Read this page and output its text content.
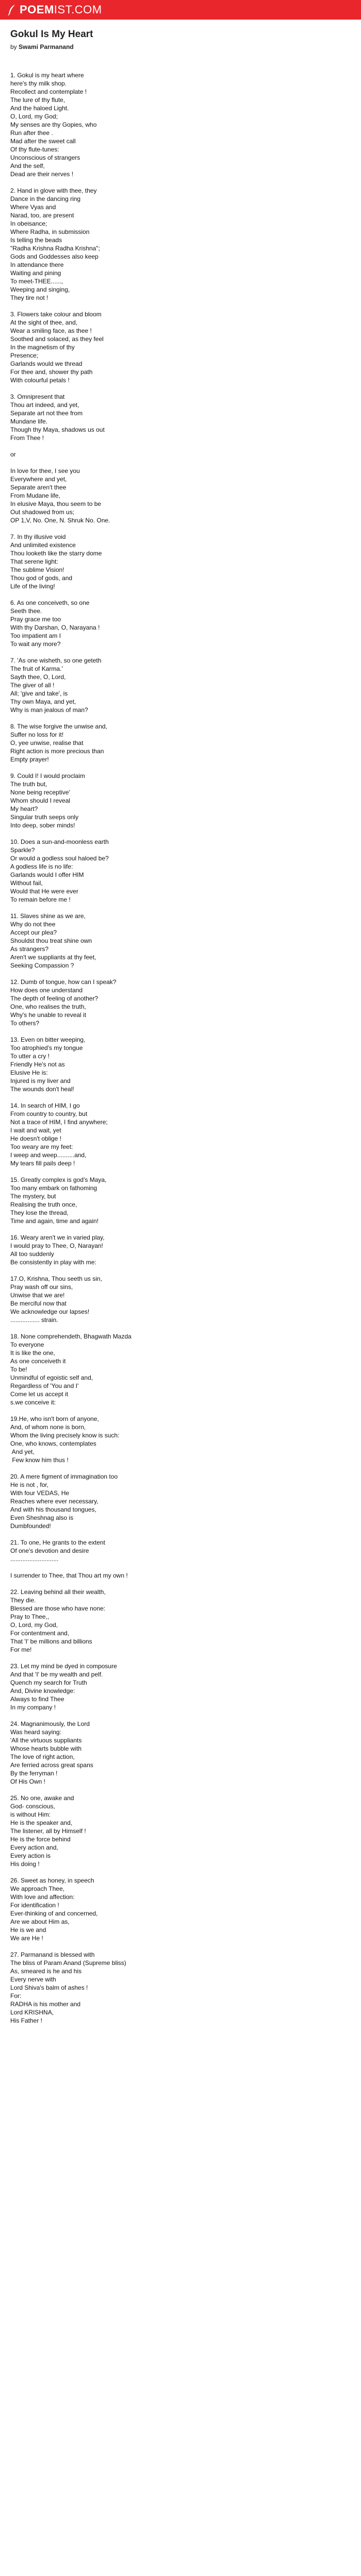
POEMIST.COM
Gokul Is My Heart
by Swami Parmanand
1. Gokul is my heart where
here's thy milk shop.
Recollect and contemplate !
The lure of thy flute,
And the haloed Light.
O, Lord, my God;
My senses are thy Gopies, who
Run after thee .
Mad after the sweet call
Of thy flute-tunes:
Unconscious of strangers
And the self,
Dead are their nerves !
2. Hand in glove with thee, they
Dance in the dancing ring
Where Vyas and
Narad, too, are present
In obeisance;
Where Radha, in submission
Is telling the beads
"Radha Krishna Radha Krishna";
Gods and Goddesses also keep
In attendance there
Waiting and pining
To meet-THEE......,
Weeping and singing,
They tire not !
3. Flowers take colour and bloom
At the sight of thee, and,
Wear a smiling face, as thee !
Soothed and solaced, as they feel
In the magnetism of thy
Presence;
Garlands would we thread
For thee and, shower thy path
With colourful petals !
3. Omnipresent that
Thou art indeed, and yet,
Separate art not thee from
Mundane life.
Though thy Maya, shadows us out
From Thee !
or
In love for thee, I see you
Everywhere and yet,
Separate aren't thee
From Mudane life,
In elusive Maya, thou seem to be
Out shadowed from us;
OP 1,V, No. One, N. Shruk No. One.
7. In thy illusive void
And unlimited existence
Thou looketh like the starry dome
That serene light:
The sublime Vision!
Thou god of gods, and
Life of the living!
6. As one conceiveth, so one
Seeth thee.
Pray grace me too
With thy Darshan, O, Narayana !
Too impatient am I
To wait any more?
7. 'As one wisheth, so one geteth
The fruit of Karma.'
Sayth thee, O, Lord,
The giver of all !
All; 'give and take', is
Thy own Maya, and yet,
Why is man jealous of man?
8. The wise forgive the unwise and,
Suffer no loss for it!
O, yee unwise, realise that
Right action is more precious than
Empty prayer!
9. Could I! I would proclaim
The truth but,
None being receptive'
Whom should I reveal
My heart?
Singular truth seeps only
Into deep, sober minds!
10. Does a sun-and-moonless earth
Sparkle?
Or would a godless soul haloed be?
A godless life is no life:
Garlands would I offer HIM
Without fail,
Would that He were ever
To remain before me !
11. Slaves shine as we are,
Why do not thee
Accept our plea?
Shouldst thou treat shine own
As strangers?
Aren't we suppliants at thy feet,
Seeking Compassion ?
12. Dumb of tongue, how can I speak?
How does one understand
The depth of feeling of another?
One, who realises the truth,
Why's he unable to reveal it
To others?
13. Even on bitter weeping,
Too atrophied's my tongue
To utter a cry !
Friendly He's not as
Elusive He is:
Injured is my liver and
The wounds don't heal!
14. In search of HIM, I go
From country to country, but
Not a trace of HIM, I find anywhere;
I wait and wait, yet
He doesn't oblige !
Too weary are my feet:
I weep and weep..........and,
My tears fill pails deep !
15. Greatly complex is god's Maya,
Too many embark on fathoming
The mystery, but
Realising the truth once,
They lose the thread,
Time and again, time and again!
16. Weary aren't we in varied play,
I would pray to Thee, O, Narayan!
All too suddenly
Be consistently in play with me:
17.O, Krishna, Thou seeth us sin,
Pray wash off our sins,
Unwise that we are!
Be merciful now that
We acknowledge our lapses!
................. strain.
18. None comprehendeth, Bhagwath Mazda
To everyone
It is like the one,
As one conceiveth it
To be!
Unmindful of egoistic self and,
Regardless of 'You and I'
Come let us accept it
s.we conceive it:
19.He, who isn't born of anyone,
And, of whom none is born,
Whom the living precisely know is such:
One, who knows, contemplates
And yet,
Few know him thus !
20. A mere figment of immagination too
He is not , for,
With four VEDAS, He
Reaches where ever necessary,
And with his thousand tongues,
Even Sheshnag also is
Dumbfounded!
21. To one, He grants to the extent
Of one's devotion and desire
............................
I surrender to Thee, that Thou art my own !
22. Leaving behind all their wealth,
They die.
Blessed are those who have none:
Pray to Thee,,
O, Lord, my God,
For contentment and,
That 'I' be millions and billions
For me!
23. Let my mind be dyed in composure
And that 'I' be my wealth and pelf.
Quench my search for Truth
And, Divine knowledge:
Always to find Thee
In my company !
24. Magnanimously, the Lord
Was heard saying:
'All the virtuous suppliants
Whose hearts bubble with
The love of right action,
Are ferried across great spans
By the ferryman !
Of His Own !
25. No one, awake and
God- conscious,
is without Him:
He is the speaker and,
The listener, all by Himself !
He is the force behind
Every action and,
Every action is
His doing !
26. Sweet as honey, in speech
We approach Thee,
With love and affection:
For identification !
Ever-thinking of and concerned,
Are we about Him as,
He is we and
We are He !
27. Parmanand is blessed with
The bliss of Param Anand (Supreme bliss)
As, smeared is he and his
Every nerve with
Lord Shiva's balm of ashes !
For:
RADHA is his mother and
Lord KRISHNA,
His Father !
